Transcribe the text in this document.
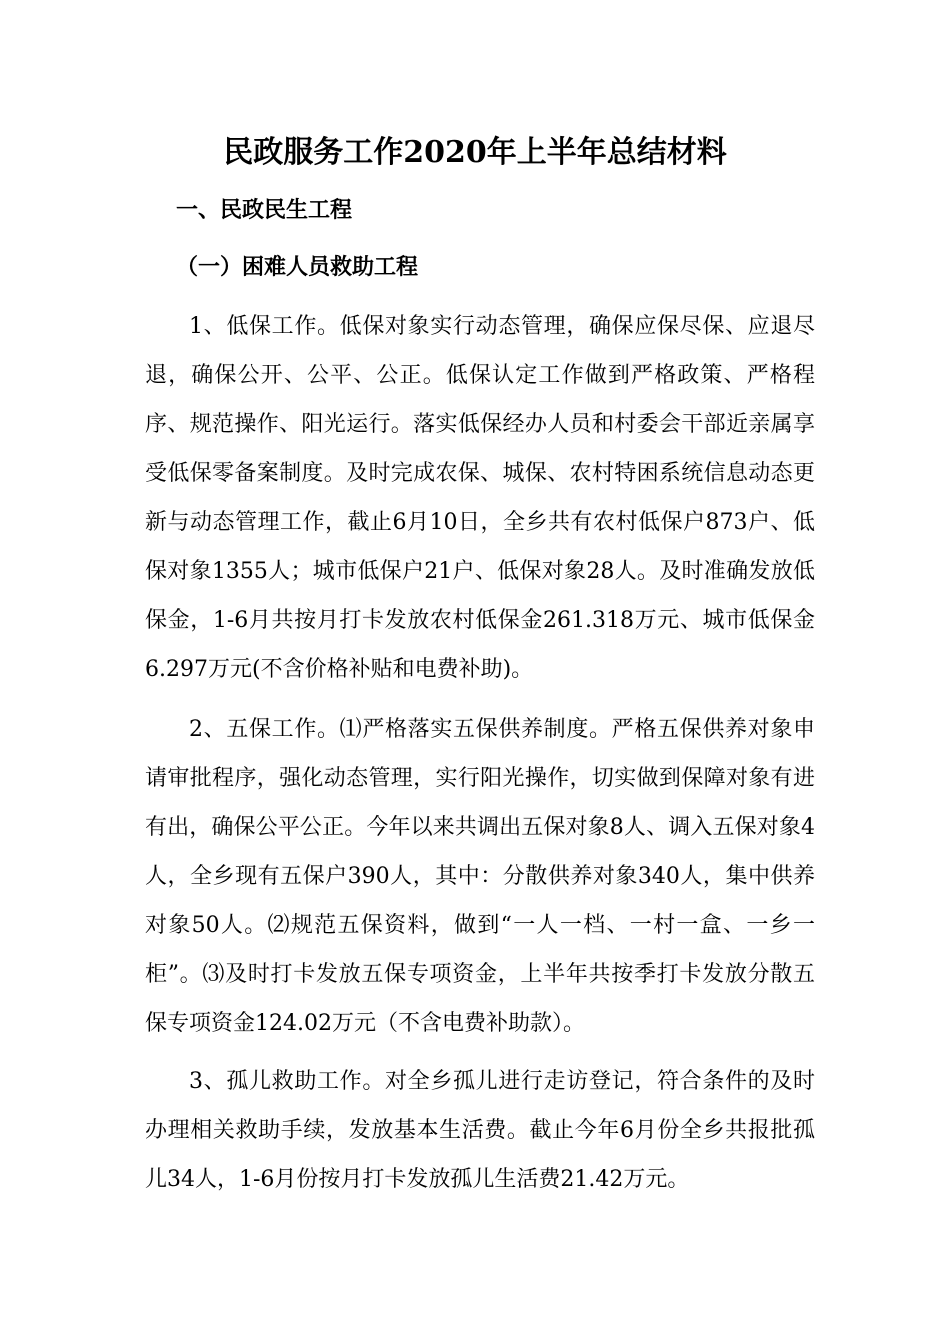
民政服务工作2020年上半年总结材料
一、民政民生工程
（一）困难人员救助工程

1、低保工作。低保对象实行动态管理，确保应保尽保、应退尽退，确保公开、公平、公正。低保认定工作做到严格政策、严格程序、规范操作、阳光运行。落实低保经办人员和村委会干部近亲属享受低保零备案制度。及时完成农保、城保、农村特困系统信息动态更新与动态管理工作，截止6月10日，全乡共有农村低保户873户、低保对象1355人；城市低保户21户、低保对象28人。及时准确发放低保金，1-6月共按月打卡发放农村低保金261.318万元、城市低保金6.297万元(不含价格补贴和电费补助)。

2、五保工作。⑴严格落实五保供养制度。严格五保供养对象申请审批程序，强化动态管理，实行阳光操作，切实做到保障对象有进有出，确保公平公正。今年以来共调出五保对象8人、调入五保对象4人，全乡现有五保户390人，其中：分散供养对象340人，集中供养对象50人。⑵规范五保资料，做到“一人一档、一村一盒、一乡一柜”。⑶及时打卡发放五保专项资金，上半年共按季打卡发放分散五保专项资金124.02万元（不含电费补助款）。

3、孤儿救助工作。对全乡孤儿进行走访登记，符合条件的及时办理相关救助手续，发放基本生活费。截止今年6月份全乡共报批孤儿34人，1-6月份按月打卡发放孤儿生活费21.42万元。
